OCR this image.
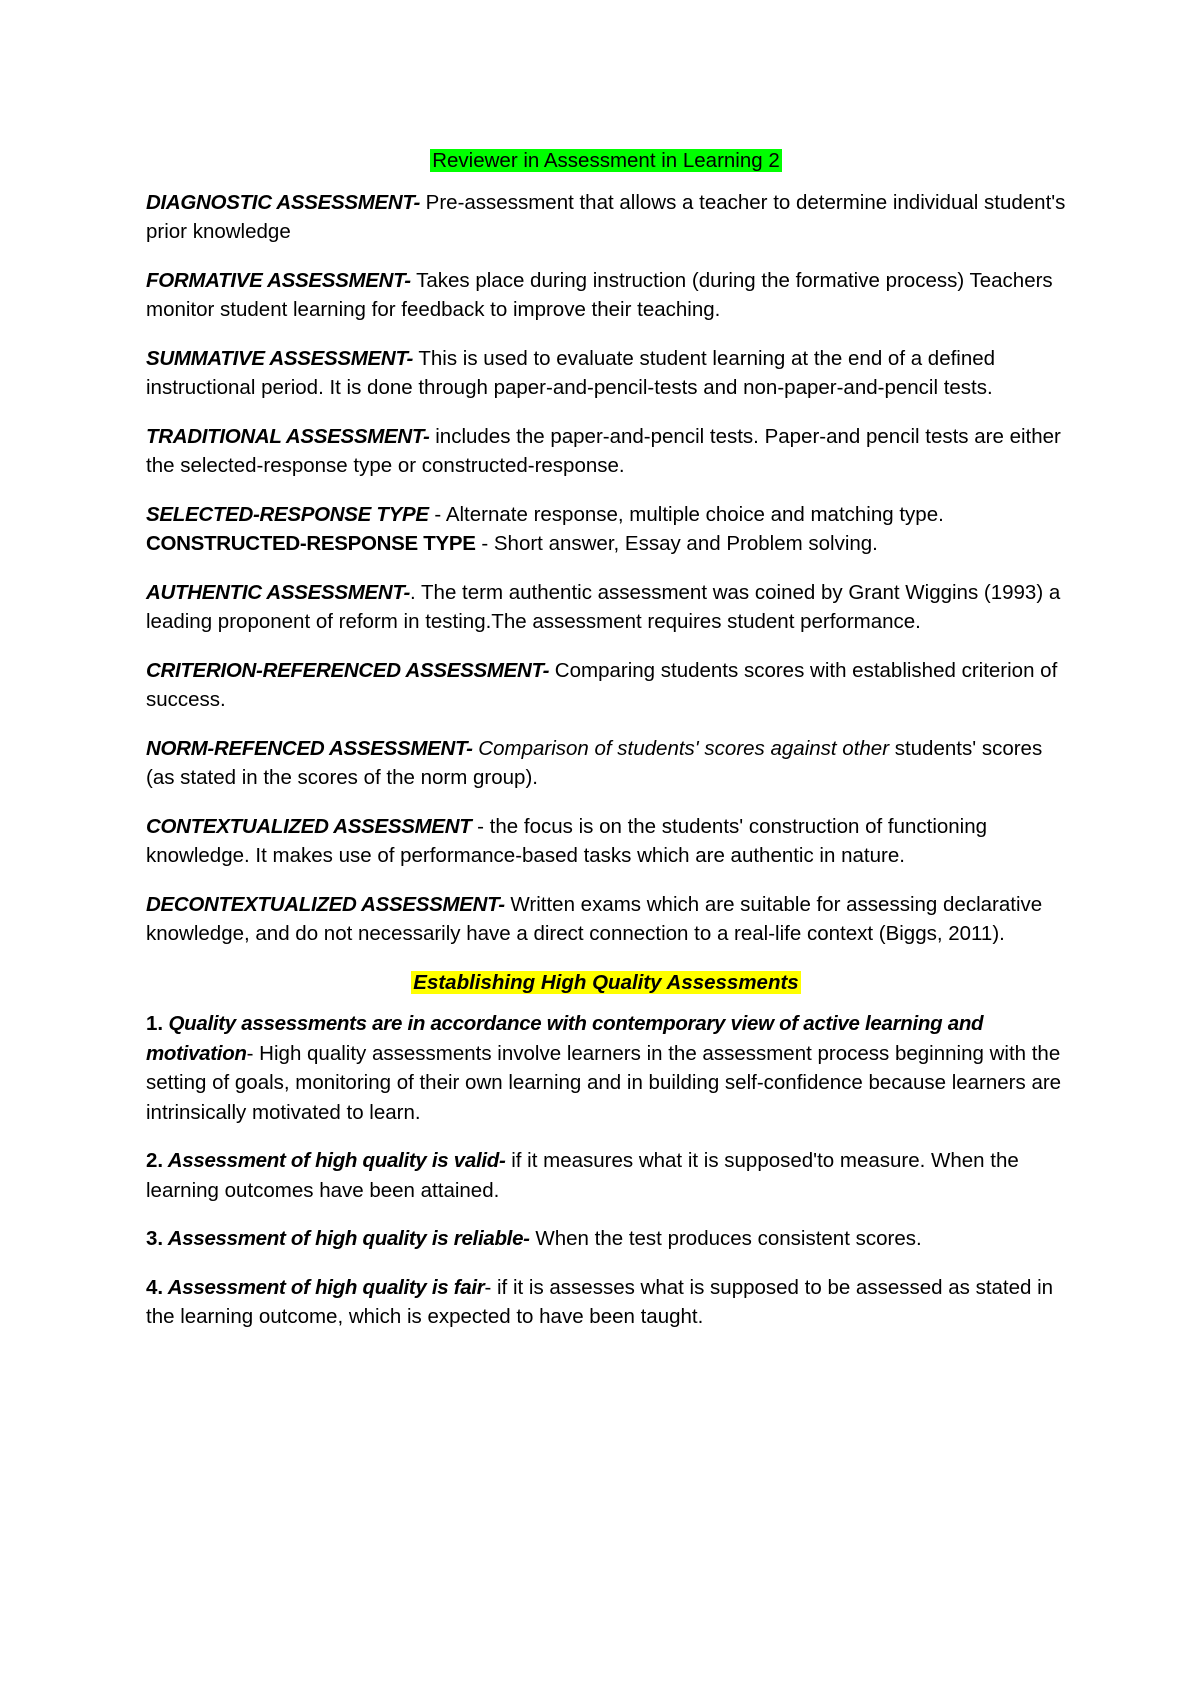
Reviewer in Assessment in Learning 2
DIAGNOSTIC ASSESSMENT- Pre-assessment that allows a teacher to determine individual student's prior knowledge
FORMATIVE ASSESSMENT- Takes place during instruction (during the formative process) Teachers monitor student learning for feedback to improve their teaching.
SUMMATIVE ASSESSMENT- This is used to evaluate student learning at the end of a defined instructional period. It is done through paper-and-pencil-tests and non-paper-and-pencil tests.
TRADITIONAL ASSESSMENT- includes the paper-and-pencil tests. Paper-and pencil tests are either the selected-response type or constructed-response.
SELECTED-RESPONSE TYPE - Alternate response, multiple choice and matching type.
CONSTRUCTED-RESPONSE TYPE - Short answer, Essay and Problem solving.
AUTHENTIC ASSESSMENT-. The term authentic assessment was coined by Grant Wiggins (1993) a leading proponent of reform in testing.The assessment requires student performance.
CRITERION-REFERENCED ASSESSMENT- Comparing students scores with established criterion of success.
NORM-REFENCED ASSESSMENT- Comparison of students' scores against other students' scores (as stated in the scores of the norm group).
CONTEXTUALIZED ASSESSMENT - the focus is on the students' construction of functioning knowledge. It makes use of performance-based tasks which are authentic in nature.
DECONTEXTUALIZED ASSESSMENT- Written exams which are suitable for assessing declarative knowledge, and do not necessarily have a direct connection to a real-life context (Biggs, 2011).
Establishing High Quality Assessments
1. Quality assessments are in accordance with contemporary view of active learning and motivation- High quality assessments involve learners in the assessment process beginning with the setting of goals, monitoring of their own learning and in building self-confidence because learners are intrinsically motivated to learn.
2. Assessment of high quality is valid- if it measures what it is supposed'to measure. When the learning outcomes have been attained.
3. Assessment of high quality is reliable- When the test produces consistent scores.
4. Assessment of high quality is fair- if it is assesses what is supposed to be assessed as stated in the learning outcome, which is expected to have been taught.
